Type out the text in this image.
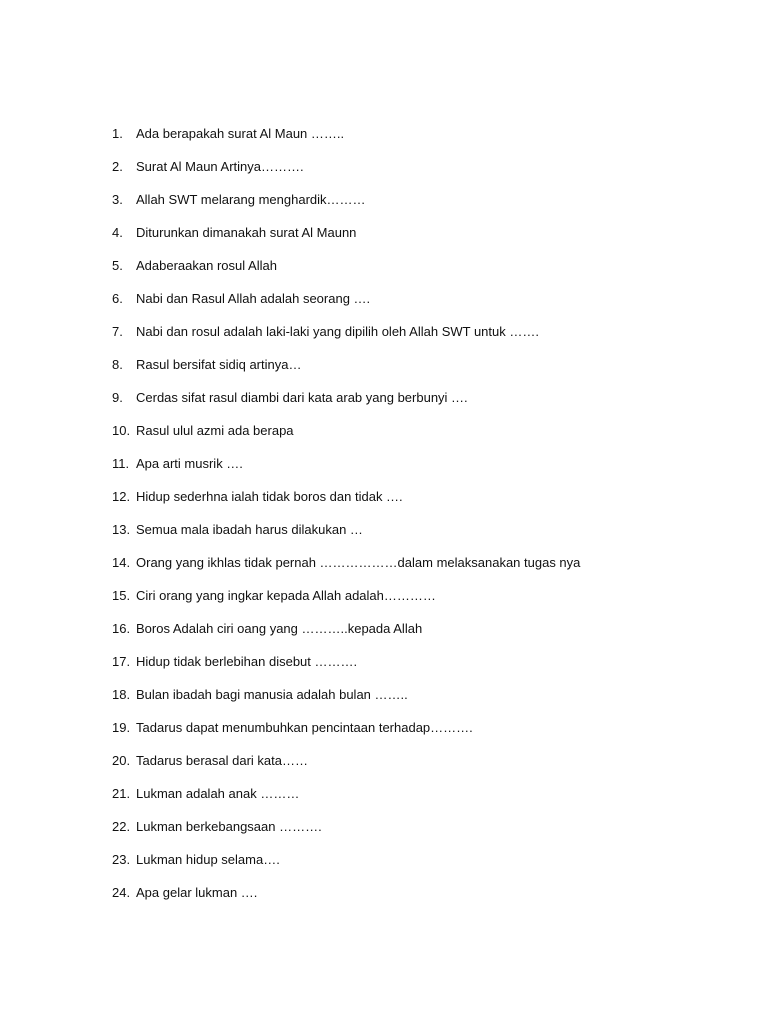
1.	Ada berapakah surat Al Maun ……..
2.	Surat Al Maun Artinya……….
3.	Allah SWT melarang menghardik………
4.	Diturunkan dimanakah surat Al Maunn
5.	Adaberaakan rosul Allah
6.	Nabi dan Rasul Allah adalah seorang ….
7.	Nabi dan rosul adalah laki-laki yang dipilih oleh Allah SWT untuk …….
8.	Rasul bersifat sidiq artinya…
9.	Cerdas sifat rasul diambi dari kata arab yang berbunyi ….
10. Rasul ulul azmi ada berapa
11. Apa arti musrik ….
12. Hidup sederhna ialah tidak boros dan tidak ….
13. Semua mala ibadah harus dilakukan …
14. Orang yang ikhlas tidak pernah ………………dalam melaksanakan tugas nya
15. Ciri orang yang ingkar kepada Allah adalah…………
16. Boros Adalah ciri oang yang ………..kepada Allah
17. Hidup tidak berlebihan disebut ……….
18. Bulan ibadah bagi manusia adalah bulan ……..
19. Tadarus dapat menumbuhkan pencintaan terhadap……….
20. Tadarus berasal dari kata……
21. Lukman adalah anak ………
22. Lukman berkebangsaan ……….
23. Lukman hidup selama….
24. Apa gelar lukman ….
